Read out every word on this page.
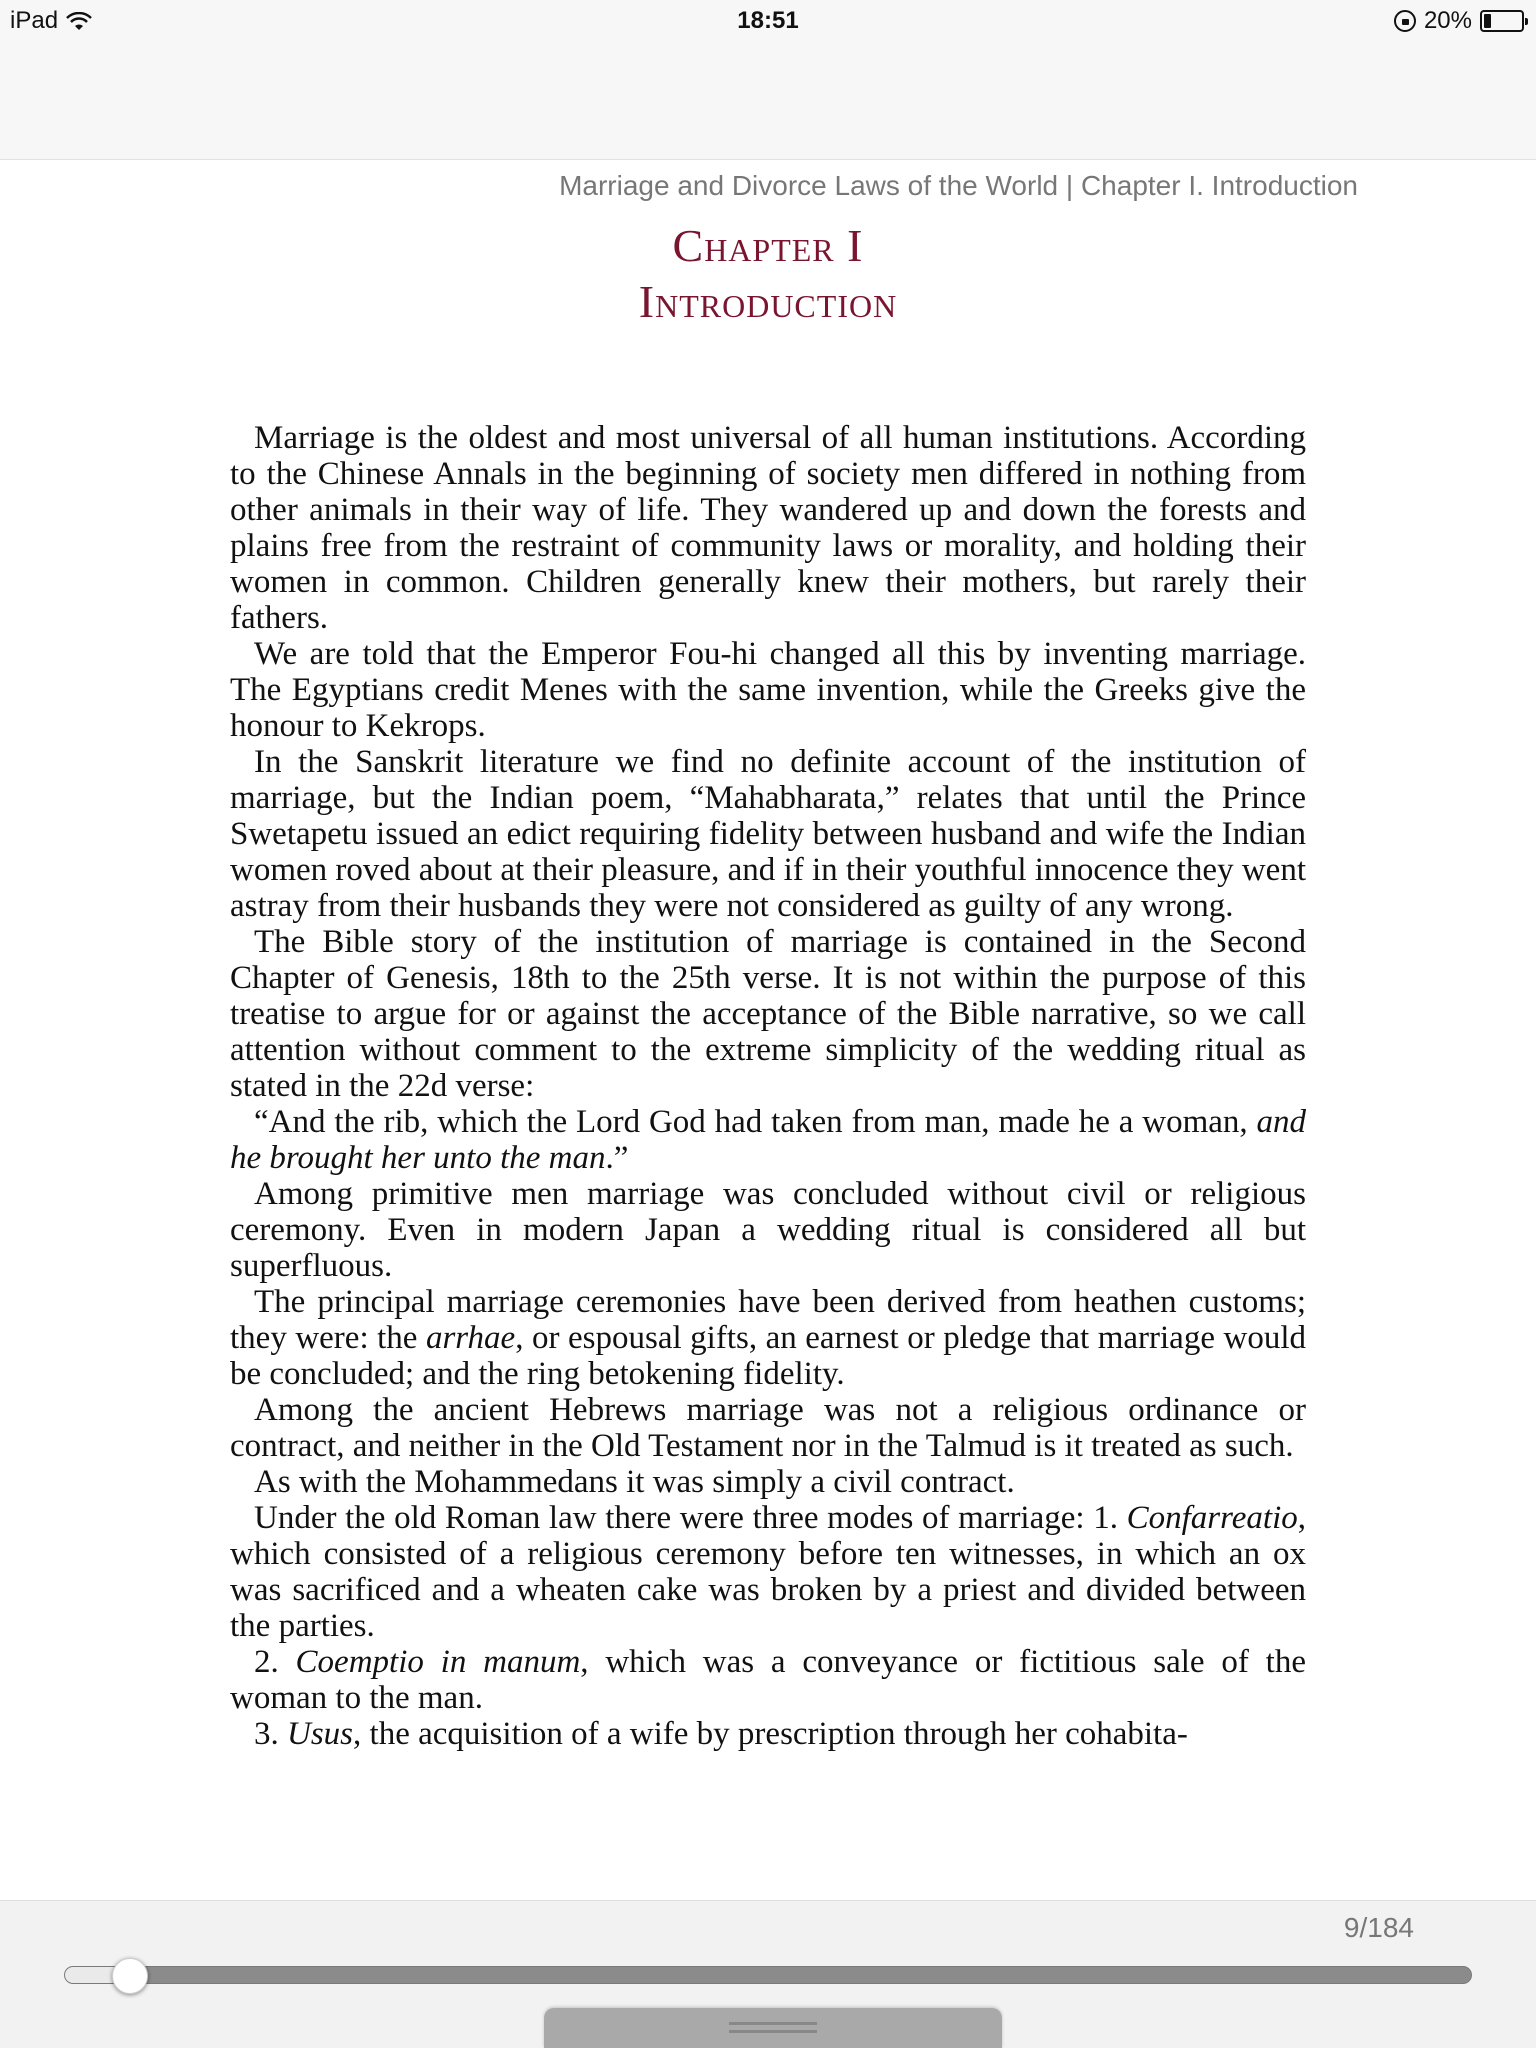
iPad	18:51	20%
Marriage and Divorce Laws of the World | Chapter I. Introduction
Chapter I
Introduction

Marriage is the oldest and most universal of all human institutions. According to the Chinese Annals in the beginning of society men differed in nothing from other animals in their way of life. They wandered up and down the forests and plains free from the restraint of community laws or morality, and holding their women in common. Children generally knew their mothers, but rarely their fathers.

We are told that the Emperor Fou-hi changed all this by inventing marriage. The Egyptians credit Menes with the same invention, while the Greeks give the honour to Kekrops.

In the Sanskrit literature we find no definite account of the institution of marriage, but the Indian poem, “Mahabharata,” relates that until the Prince Swetapetu issued an edict requiring fidelity between husband and wife the Indian women roved about at their pleasure, and if in their youthful innocence they went astray from their husbands they were not considered as guilty of any wrong.

The Bible story of the institution of marriage is contained in the Second Chapter of Genesis, 18th to the 25th verse. It is not within the purpose of this treatise to argue for or against the acceptance of the Bible narrative, so we call attention without comment to the extreme simplicity of the wedding ritual as stated in the 22d verse:

“And the rib, which the Lord God had taken from man, made he a woman, and he brought her unto the man.”

Among primitive men marriage was concluded without civil or religious ceremony. Even in modern Japan a wedding ritual is considered all but superfluous.

The principal marriage ceremonies have been derived from heathen customs; they were: the arrhae, or espousal gifts, an earnest or pledge that marriage would be concluded; and the ring betokening fidelity.

Among the ancient Hebrews marriage was not a religious ordinance or contract, and neither in the Old Testament nor in the Talmud is it treated as such.

As with the Mohammedans it was simply a civil contract.

Under the old Roman law there were three modes of marriage: 1. Confarreatio, which consisted of a religious ceremony before ten witnesses, in which an ox was sacrificed and a wheaten cake was broken by a priest and divided between the parties.

2. Coemptio in manum, which was a conveyance or fictitious sale of the woman to the man.

3. Usus, the acquisition of a wife by prescription through her cohabita-

9/184
